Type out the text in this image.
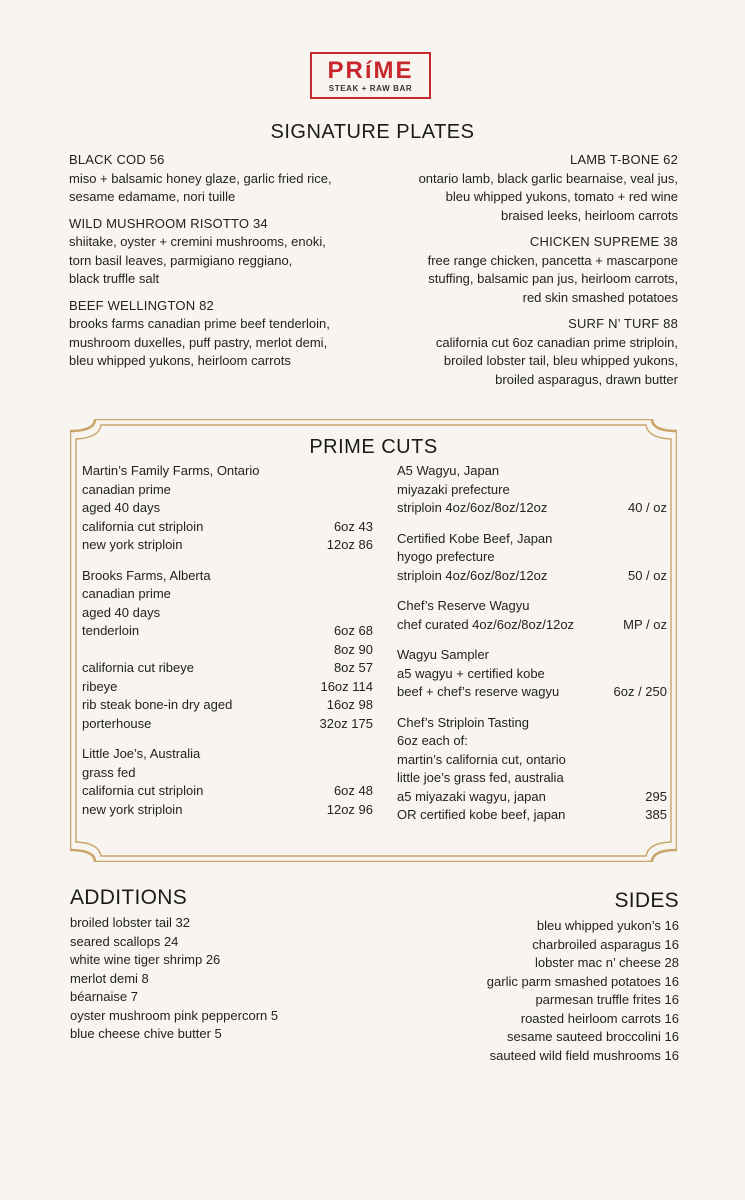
PRíME
STEAK + RAW BAR
SIGNATURE PLATES
BLACK COD 56
miso + balsamic honey glaze, garlic fried rice,
sesame edamame, nori tuille
WILD MUSHROOM RISOTTO 34
shiitake, oyster + cremini mushrooms, enoki,
torn basil leaves, parmigiano reggiano,
black truffle salt
BEEF WELLINGTON 82
brooks farms canadian prime beef tenderloin,
mushroom duxelles, puff pastry, merlot demi,
bleu whipped yukons, heirloom carrots
LAMB T-BONE 62
ontario lamb, black garlic bearnaise, veal jus,
bleu whipped yukons, tomato + red wine
braised leeks, heirloom carrots
CHICKEN SUPREME 38
free range chicken, pancetta + mascarpone
stuffing, balsamic pan jus, heirloom carrots,
red skin smashed potatoes
SURF N’ TURF 88
california cut 6oz canadian prime striploin,
broiled lobster tail, bleu whipped yukons,
broiled asparagus, drawn butter
PRIME CUTS
Martin’s Family Farms, Ontario
canadian prime
aged 40 days
california cut striploin	6oz 43
new york striploin	12oz 86
Brooks Farms, Alberta
canadian prime
aged 40 days
tenderloin	6oz 68
8oz 90
california cut ribeye	8oz 57
ribeye	16oz 114
rib steak bone-in dry aged	16oz 98
porterhouse	32oz 175
Little Joe’s, Australia
grass fed
california cut striploin	6oz 48
new york striploin	12oz 96
A5 Wagyu, Japan
miyazaki prefecture
striploin 4oz/6oz/8oz/12oz	40 / oz
Certified Kobe Beef, Japan
hyogo prefecture
striploin 4oz/6oz/8oz/12oz	50 / oz
Chef’s Reserve Wagyu
chef curated 4oz/6oz/8oz/12oz	MP / oz
Wagyu Sampler
a5 wagyu + certified kobe
beef + chef’s reserve wagyu	6oz / 250
Chef’s Striploin Tasting
6oz each of:
martin’s california cut, ontario
little joe’s grass fed, australia
a5 miyazaki wagyu, japan	295
OR certified kobe beef, japan	385
ADDITIONS
broiled lobster tail 32
seared scallops 24
white wine tiger shrimp 26
merlot demi 8
béarnaise 7
oyster mushroom pink peppercorn 5
blue cheese chive butter 5
SIDES
bleu whipped yukon’s 16
charbroiled asparagus 16
lobster mac n’ cheese 28
garlic parm smashed potatoes 16
parmesan truffle frites 16
roasted heirloom carrots 16
sesame sauteed broccolini 16
sauteed wild field mushrooms 16
